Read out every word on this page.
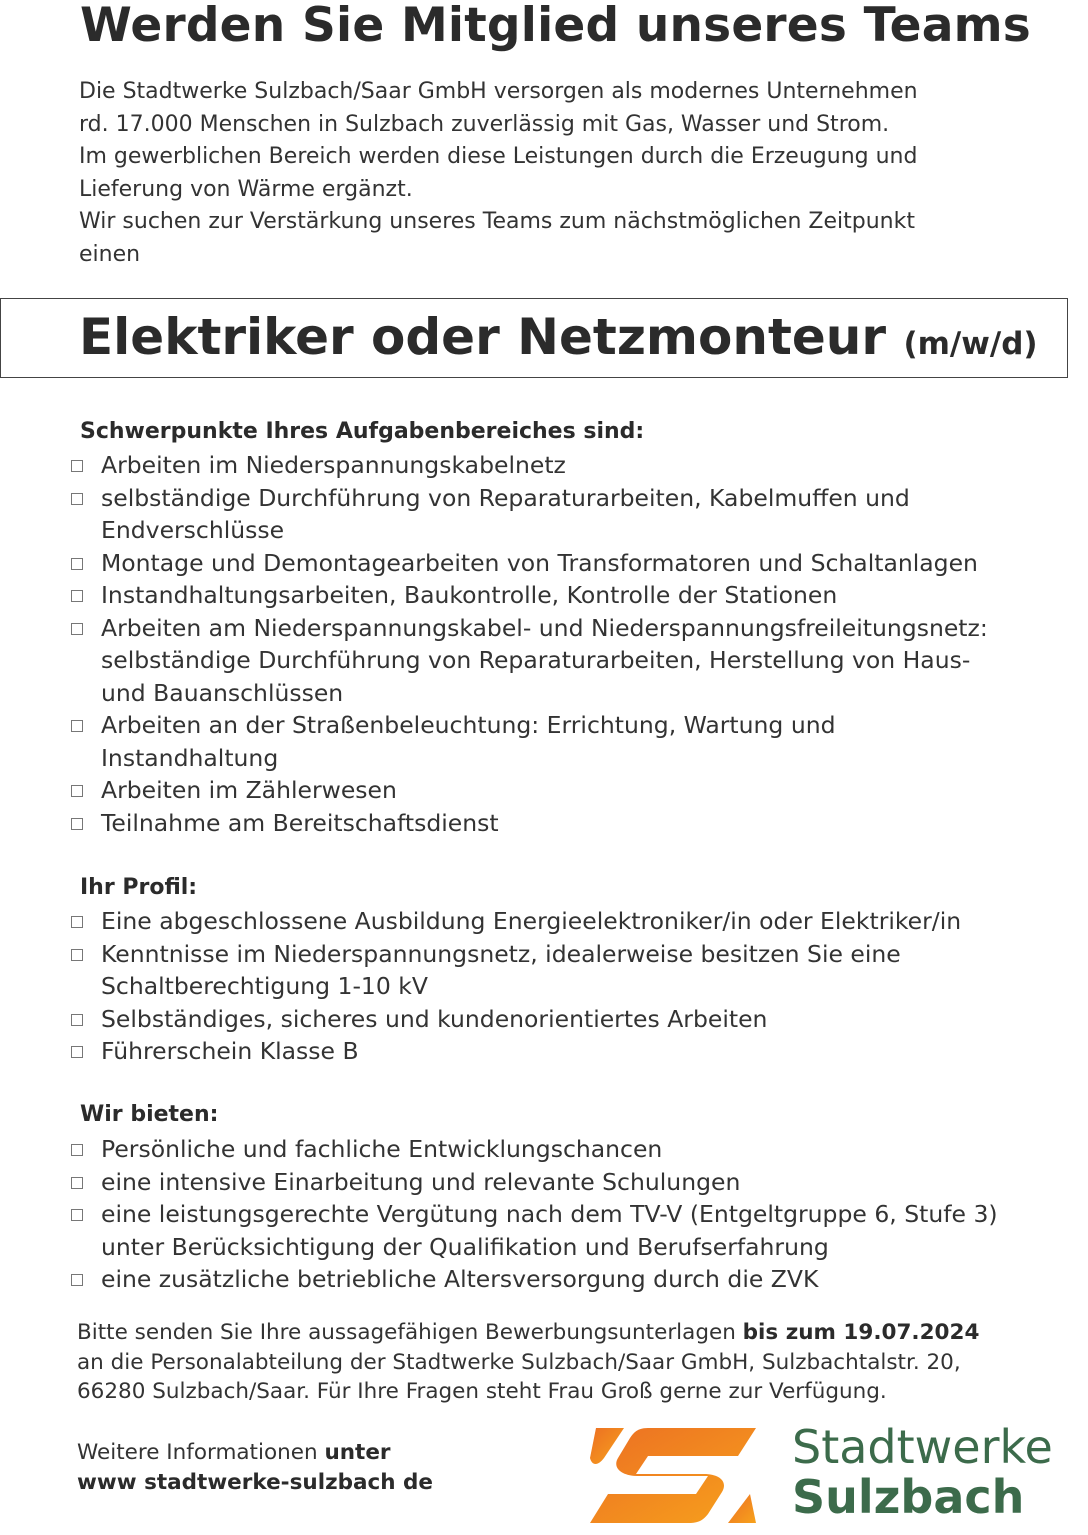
Werden Sie Mitglied unseres Teams
Die Stadtwerke Sulzbach/Saar GmbH versorgen als modernes Unternehmen
rd. 17.000 Menschen in Sulzbach zuverlässig mit Gas, Wasser und Strom.
Im gewerblichen Bereich werden diese Leistungen durch die Erzeugung und
Lieferung von Wärme ergänzt.
Wir suchen zur Verstärkung unseres Teams zum nächstmöglichen Zeitpunkt
einen
Elektriker oder Netzmonteur (m/w/d)
Schwerpunkte Ihres Aufgabenbereiches sind:
Arbeiten im Niederspannungskabelnetz
selbständige Durchführung von Reparaturarbeiten, Kabelmuffen und
Endverschlüsse
Montage und Demontagearbeiten von Transformatoren und Schaltanlagen
Instandhaltungsarbeiten, Baukontrolle, Kontrolle der Stationen
Arbeiten am Niederspannungskabel- und Niederspannungsfreileitungsnetz:
selbständige Durchführung von Reparaturarbeiten, Herstellung von Haus-
und Bauanschlüssen
Arbeiten an der Straßenbeleuchtung: Errichtung, Wartung und
Instandhaltung
Arbeiten im Zählerwesen
Teilnahme am Bereitschaftsdienst
Ihr Profil:
Eine abgeschlossene Ausbildung Energieelektroniker/in oder Elektriker/in
Kenntnisse im Niederspannungsnetz, idealerweise besitzen Sie eine
Schaltberechtigung 1-10 kV
Selbständiges, sicheres und kundenorientiertes Arbeiten
Führerschein Klasse B
Wir bieten:
Persönliche und fachliche Entwicklungschancen
eine intensive Einarbeitung und relevante Schulungen
eine leistungsgerechte Vergütung nach dem TV-V (Entgeltgruppe 6, Stufe 3)
unter Berücksichtigung der Qualifikation und Berufserfahrung
eine zusätzliche betriebliche Altersversorgung durch die ZVK
Bitte senden Sie Ihre aussagefähigen Bewerbungsunterlagen bis zum 19.07.2024
an die Personalabteilung der Stadtwerke Sulzbach/Saar GmbH, Sulzbachtalstr. 20,
66280 Sulzbach/Saar. Für Ihre Fragen steht Frau Groß gerne zur Verfügung.
Weitere Informationen unter
www stadtwerke-sulzbach de
Stadtwerke
Sulzbach
